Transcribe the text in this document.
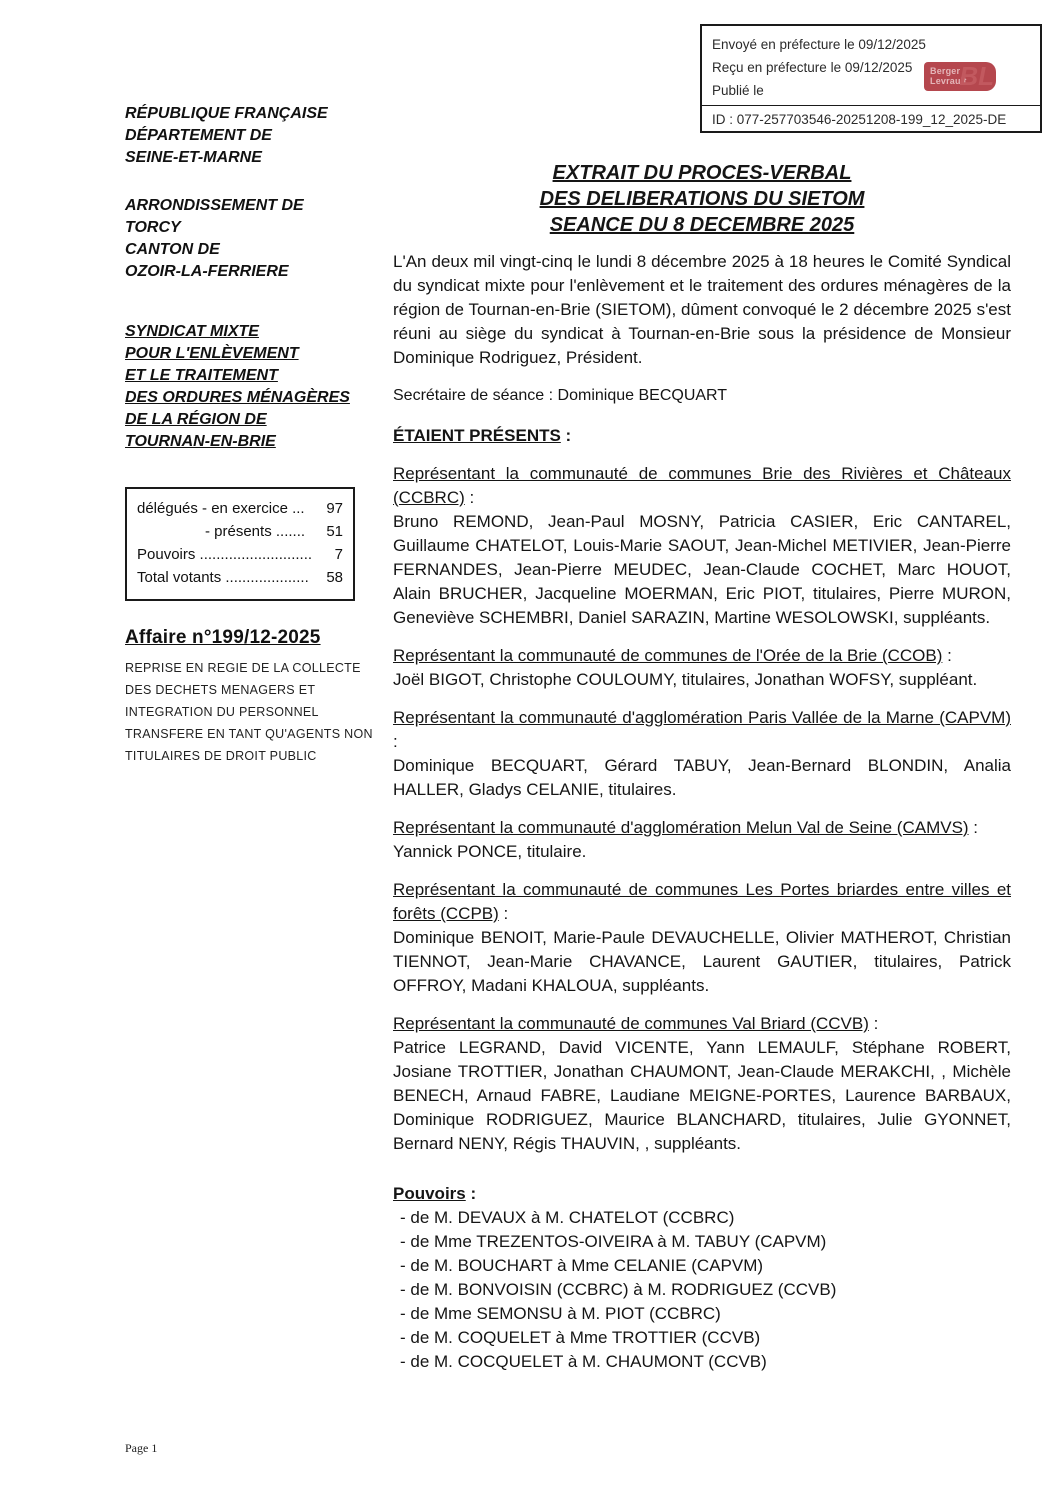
Envoyé en préfecture le 09/12/2025
Reçu en préfecture le 09/12/2025
Publié le
Berger
Levrault
BL
ID : 077-257703546-20251208-199_12_2025-DE
RÉPUBLIQUE FRANÇAISE
DÉPARTEMENT DE
SEINE-ET-MARNE
ARRONDISSEMENT DE
TORCY
CANTON DE
OZOIR-LA-FERRIERE
SYNDICAT MIXTE
POUR L'ENLÈVEMENT
ET LE TRAITEMENT
DES ORDURES MÉNAGÈRES
DE LA RÉGION DE
TOURNAN-EN-BRIE
délégués - en exercice ... 97
- présents ....... 51
Pouvoirs ........................... 7
Total votants .................... 58
Affaire n°199/12-2025
REPRISE EN REGIE DE LA COLLECTE DES DECHETS MENAGERS ET INTEGRATION DU PERSONNEL TRANSFERE EN TANT QU'AGENTS NON TITULAIRES DE DROIT PUBLIC
EXTRAIT DU PROCES-VERBAL
DES DELIBERATIONS DU SIETOM
SEANCE DU 8 DECEMBRE 2025

L'An deux mil vingt-cinq le lundi 8 décembre 2025 à 18 heures le Comité Syndical du syndicat mixte pour l'enlèvement et le traitement des ordures ménagères de la région de Tournan-en-Brie (SIETOM), dûment convoqué le 2 décembre 2025 s'est réuni au siège du syndicat à Tournan-en-Brie sous la présidence de Monsieur Dominique Rodriguez, Président.

Secrétaire de séance : Dominique BECQUART

ÉTAIENT PRÉSENTS :

Représentant la communauté de communes Brie des Rivières et Châteaux (CCBRC) :
Bruno REMOND, Jean-Paul MOSNY, Patricia CASIER, Eric CANTAREL, Guillaume CHATELOT, Louis-Marie SAOUT, Jean-Michel METIVIER, Jean-Pierre FERNANDES, Jean-Pierre MEUDEC, Jean-Claude COCHET, Marc HOUOT, Alain BRUCHER, Jacqueline MOERMAN, Eric PIOT, titulaires, Pierre MURON, Geneviève SCHEMBRI, Daniel SARAZIN, Martine WESOLOWSKI, suppléants.

Représentant la communauté de communes de l'Orée de la Brie (CCOB) :
Joël BIGOT, Christophe COULOUMY, titulaires, Jonathan WOFSY, suppléant.

Représentant la communauté d'agglomération Paris Vallée de la Marne (CAPVM) :
Dominique BECQUART, Gérard TABUY, Jean-Bernard BLONDIN, Analia HALLER, Gladys CELANIE, titulaires.

Représentant la communauté d'agglomération Melun Val de Seine (CAMVS) :
Yannick PONCE, titulaire.

Représentant la communauté de communes Les Portes briardes entre villes et forêts (CCPB) :
Dominique BENOIT, Marie-Paule DEVAUCHELLE, Olivier MATHEROT, Christian TIENNOT, Jean-Marie CHAVANCE, Laurent GAUTIER, titulaires, Patrick OFFROY, Madani KHALOUA, suppléants.

Représentant la communauté de communes Val Briard (CCVB) :
Patrice LEGRAND, David VICENTE, Yann LEMAULF, Stéphane ROBERT, Josiane TROTTIER, Jonathan CHAUMONT, Jean-Claude MERAKCHI, , Michèle BENECH, Arnaud FABRE, Laudiane MEIGNE-PORTES, Laurence BARBAUX, Dominique RODRIGUEZ, Maurice BLANCHARD, titulaires, Julie GYONNET, Bernard NENY, Régis THAUVIN, , suppléants.

Pouvoirs :

- de M. DEVAUX à M. CHATELOT (CCBRC)
- de Mme TREZENTOS-OIVEIRA à M. TABUY (CAPVM)
- de M. BOUCHART à Mme CELANIE (CAPVM)
- de M. BONVOISIN (CCBRC) à M. RODRIGUEZ (CCVB)
- de Mme SEMONSU à M. PIOT (CCBRC)
- de M. COQUELET à Mme TROTTIER (CCVB)
- de M. COCQUELET à M. CHAUMONT (CCVB)
Page 1
